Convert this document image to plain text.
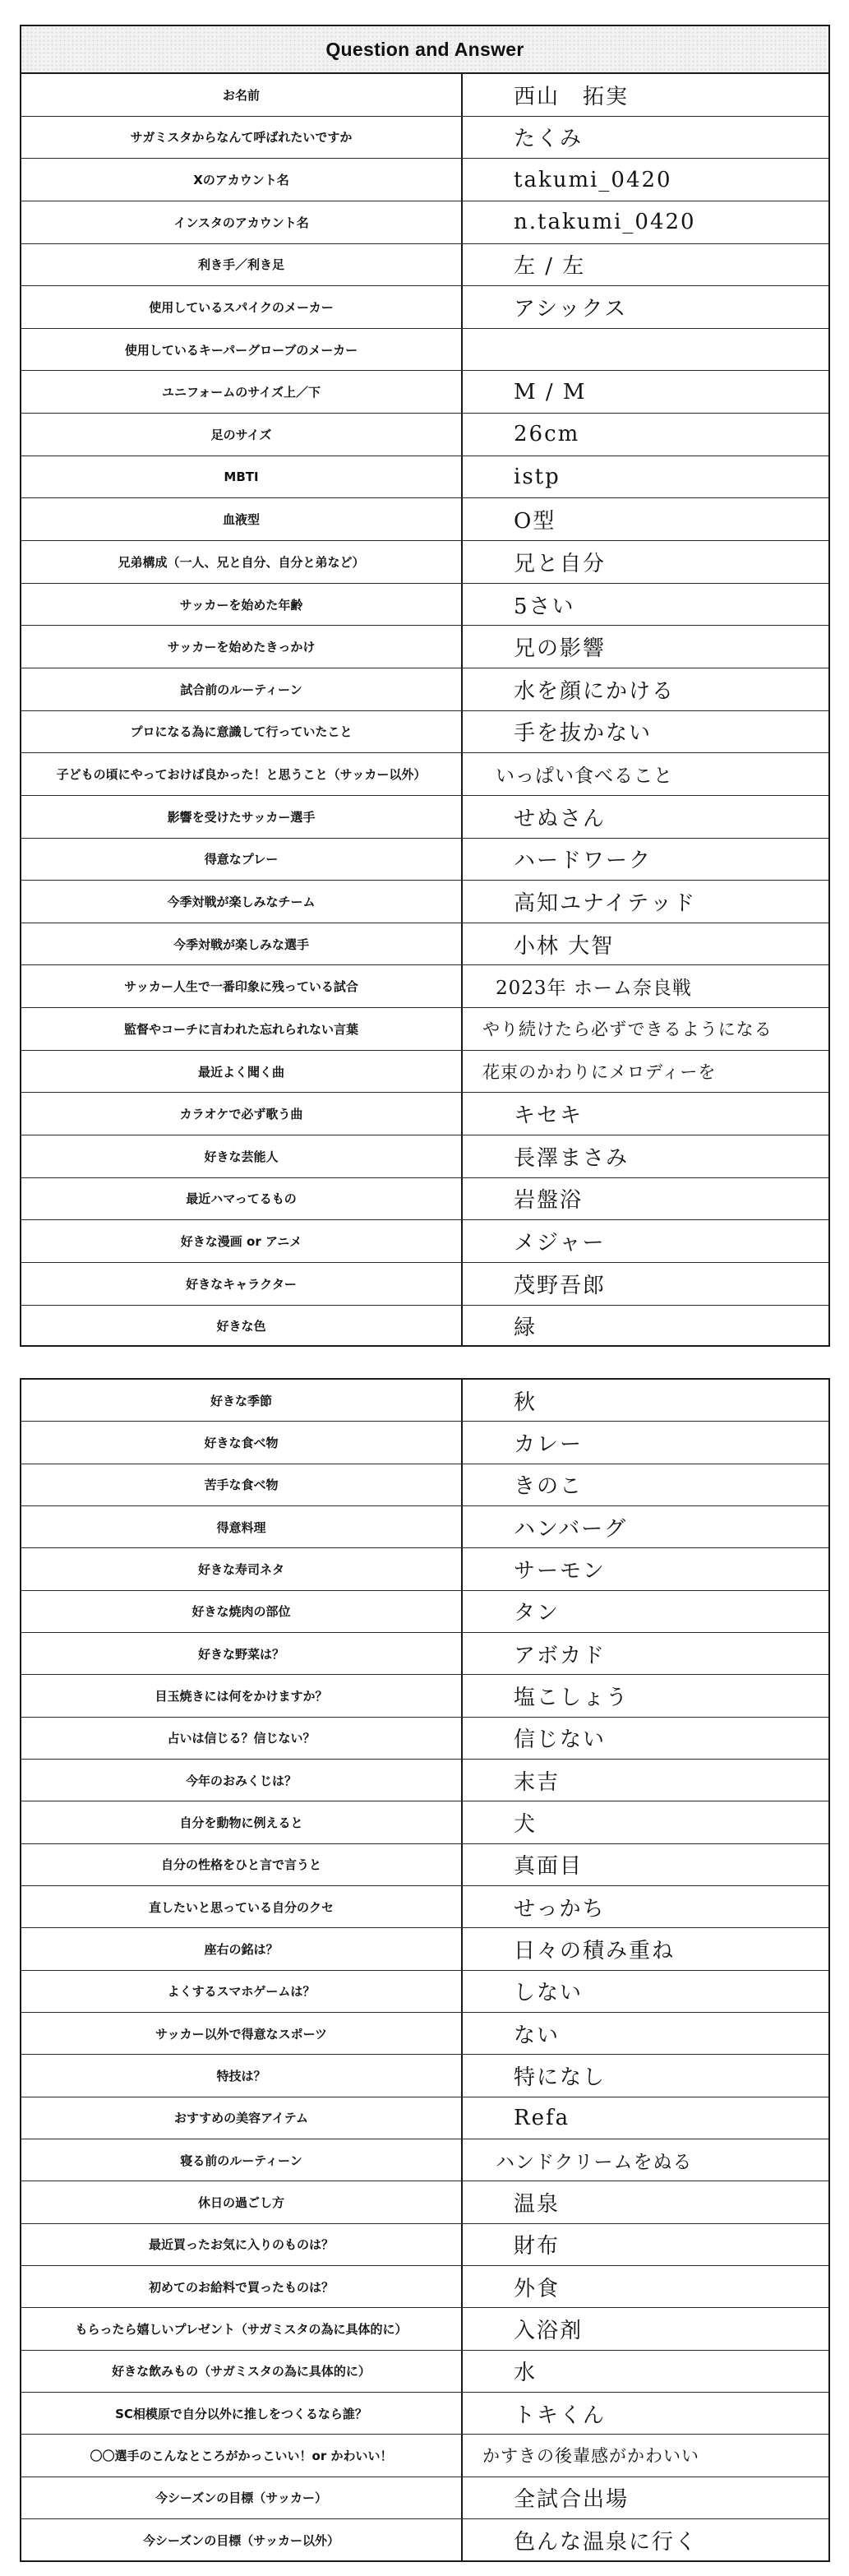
Question and Answer
お名前	西山　拓実
サガミスタからなんて呼ばれたいですか	たくみ
Xのアカウント名	takumi_0420
インスタのアカウント名	n.takumi_0420
利き手／利き足	左 / 左
使用しているスパイクのメーカー	アシックス
使用しているキーパーグローブのメーカー
ユニフォームのサイズ上／下	M / M
足のサイズ	26cm
MBTI	istp
血液型	O型
兄弟構成（一人、兄と自分、自分と弟など）	兄と自分
サッカーを始めた年齢	5さい
サッカーを始めたきっかけ	兄の影響
試合前のルーティーン	水を顔にかける
プロになる為に意識して行っていたこと	手を抜かない
子どもの頃にやっておけば良かった！と思うこと（サッカー以外）	いっぱい食べること
影響を受けたサッカー選手	せぬさん
得意なプレー	ハードワーク
今季対戦が楽しみなチーム	高知ユナイテッド
今季対戦が楽しみな選手	小林 大智
サッカー人生で一番印象に残っている試合	2023年 ホーム奈良戦
監督やコーチに言われた忘れられない言葉	やり続けたら必ずできるようになる
最近よく聞く曲	花束のかわりにメロディーを
カラオケで必ず歌う曲	キセキ
好きな芸能人	長澤まさみ
最近ハマってるもの	岩盤浴
好きな漫画 or アニメ	メジャー
好きなキャラクター	茂野吾郎
好きな色	緑
好きな季節	秋
好きな食べ物	カレー
苦手な食べ物	きのこ
得意料理	ハンバーグ
好きな寿司ネタ	サーモン
好きな焼肉の部位	タン
好きな野菜は？	アボカド
目玉焼きには何をかけますか？	塩こしょう
占いは信じる？信じない？	信じない
今年のおみくじは？	末吉
自分を動物に例えると	犬
自分の性格をひと言で言うと	真面目
直したいと思っている自分のクセ	せっかち
座右の銘は？	日々の積み重ね
よくするスマホゲームは？	しない
サッカー以外で得意なスポーツ	ない
特技は？	特になし
おすすめの美容アイテム	Refa
寝る前のルーティーン	ハンドクリームをぬる
休日の過ごし方	温泉
最近買ったお気に入りのものは？	財布
初めてのお給料で買ったものは？	外食
もらったら嬉しいプレゼント（サガミスタの為に具体的に）	入浴剤
好きな飲みもの（サガミスタの為に具体的に）	水
SC相模原で自分以外に推しをつくるなら誰？	トキくん
〇〇選手のこんなところがかっこいい！or かわいい！	かすきの後輩感がかわいい
今シーズンの目標（サッカー）	全試合出場
今シーズンの目標（サッカー以外）	色んな温泉に行く
